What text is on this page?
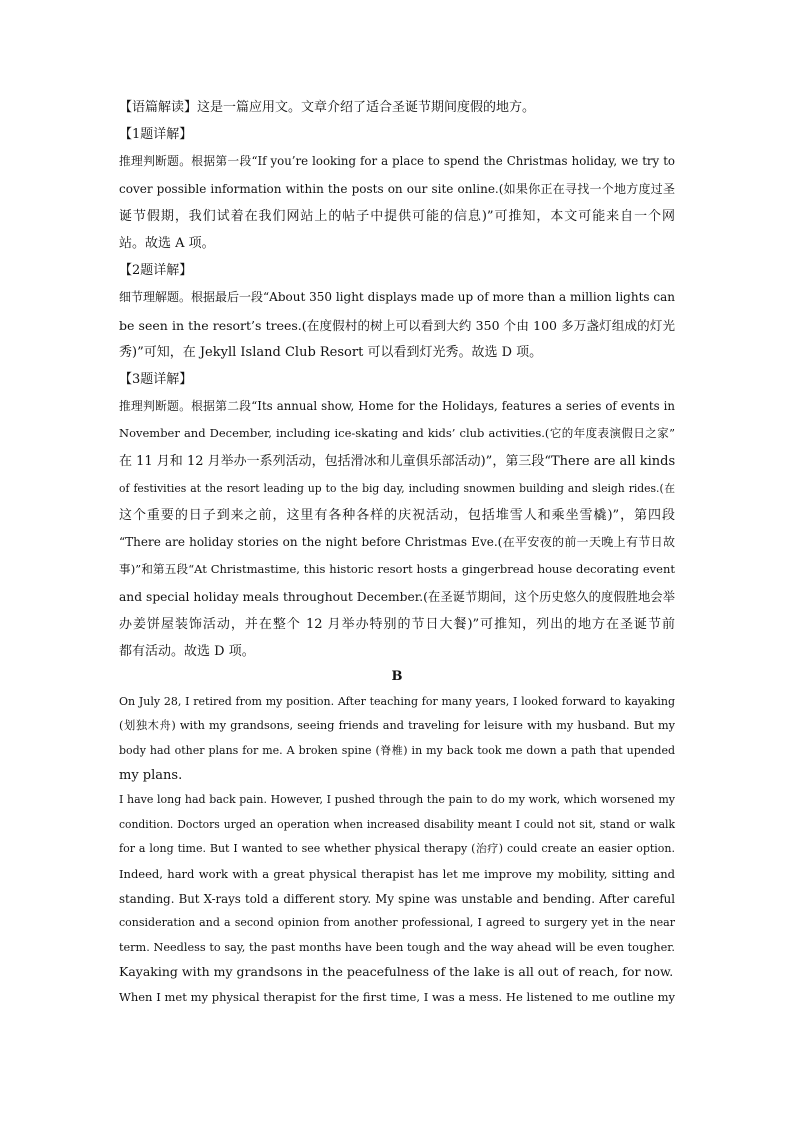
【语篇解读】这是一篇应用文。文章介绍了适合圣诞节期间度假的地方。

【1题详解】

推理判断题。根据第一段“If you’re looking for a place to spend the Christmas holiday, we try to

cover possible information within the posts on our site online.(如果你正在寻找一个地方度过圣

诞节假期，我们试着在我们网站上的帖子中提供可能的信息)”可推知，本文可能来自一个网

站。故选 A 项。

【2题详解】

细节理解题。根据最后一段“About 350 light displays made up of more than a million lights can

be seen in the resort’s trees.(在度假村的树上可以看到大约 350 个由 100 多万盏灯组成的灯光

秀)”可知，在 Jekyll Island Club Resort 可以看到灯光秀。故选 D 项。

【3题详解】

推理判断题。根据第二段“Its annual show, Home for the Holidays, features a series of events in

November and December, including ice-skating and kids’ club activities.(它的年度表演假日之家”

在 11 月和 12 月举办一系列活动，包括滑冰和儿童俱乐部活动)”，第三段“There are all kinds

of festivities at the resort leading up to the big day, including snowmen building and sleigh rides.(在

这个重要的日子到来之前，这里有各种各样的庆祝活动，包括堆雪人和乘坐雪橇)”，第四段

“There are holiday stories on the night before Christmas Eve.(在平安夜的前一天晚上有节日故

事)”和第五段“At Christmastime, this historic resort hosts a gingerbread house decorating event

and special holiday meals throughout December.(在圣诞节期间，这个历史悠久的度假胜地会举

办姜饼屋装饰活动，并在整个 12 月举办特别的节日大餐)”可推知，列出的地方在圣诞节前

都有活动。故选 D 项。

B

On July 28, I retired from my position. After teaching for many years, I looked forward to kayaking

(划独木舟) with my grandsons, seeing friends and traveling for leisure with my husband. But my

body had other plans for me. A broken spine (脊椎) in my back took me down a path that upended

my plans.

I have long had back pain. However, I pushed through the pain to do my work, which worsened my

condition. Doctors urged an operation when increased disability meant I could not sit, stand or walk

for a long time. But I wanted to see whether physical therapy (治疗) could create an easier option.

Indeed, hard work with a great physical therapist has let me improve my mobility, sitting and

standing. But X-rays told a different story. My spine was unstable and bending. After careful

consideration and a second opinion from another professional, I agreed to surgery yet in the near

term. Needless to say, the past months have been tough and the way ahead will be even tougher.

Kayaking with my grandsons in the peacefulness of the lake is all out of reach, for now.

When I met my physical therapist for the first time, I was a mess. He listened to me outline my
